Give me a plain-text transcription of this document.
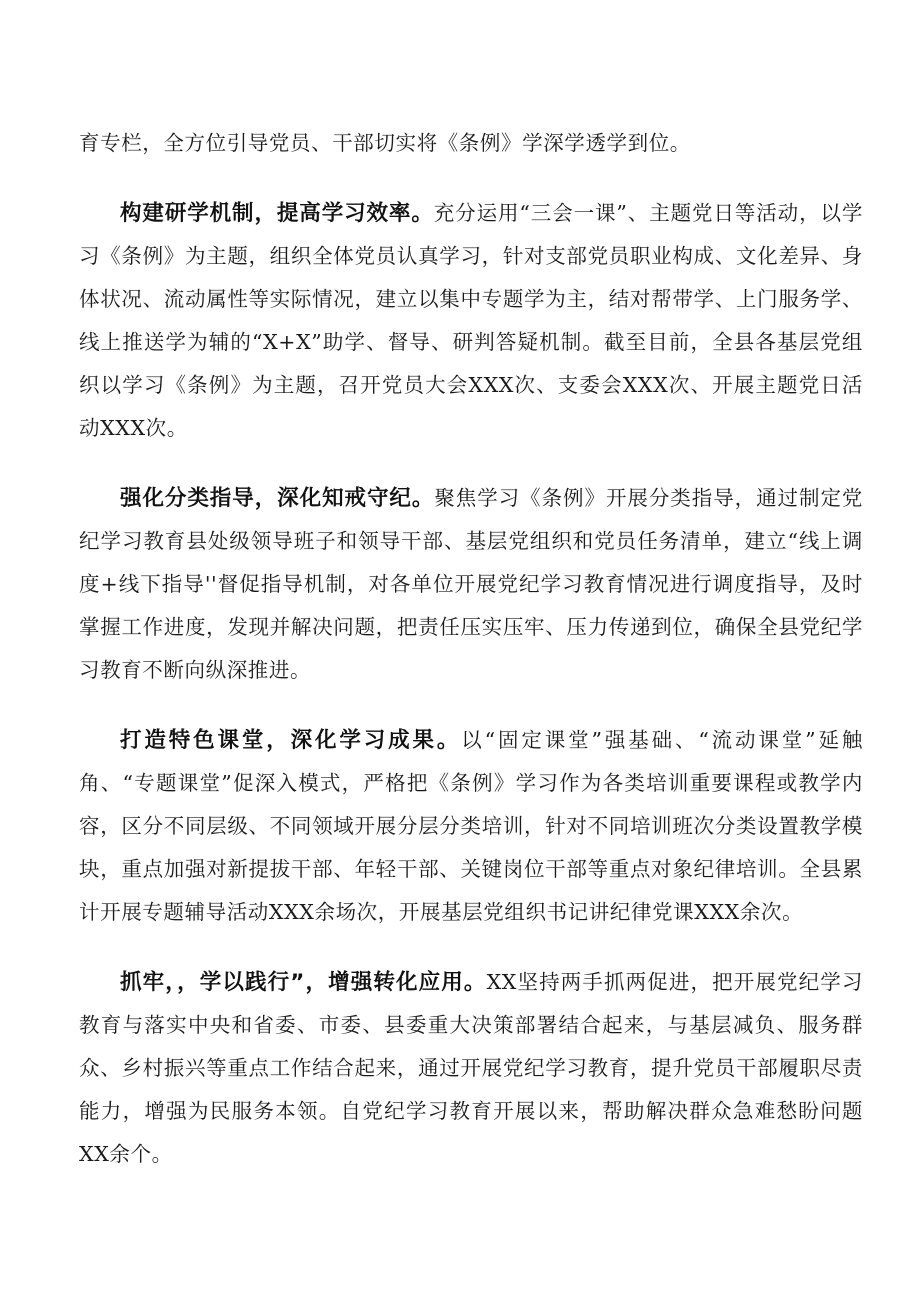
育专栏，全方位引导党员、干部切实将《条例》学深学透学到位。

构建研学机制，提高学习效率。充分运用“三会一课”、主题党日等活动，以学习《条例》为主题，组织全体党员认真学习，针对支部党员职业构成、文化差异、身体状况、流动属性等实际情况，建立以集中专题学为主，结对帮带学、上门服务学、线上推送学为辅的“X+X”助学、督导、研判答疑机制。截至目前，全县各基层党组织以学习《条例》为主题，召开党员大会XXX次、支委会XXX次、开展主题党日活动XXX次。

强化分类指导，深化知戒守纪。聚焦学习《条例》开展分类指导，通过制定党纪学习教育县处级领导班子和领导干部、基层党组织和党员任务清单，建立“线上调度+线下指导''督促指导机制，对各单位开展党纪学习教育情况进行调度指导，及时掌握工作进度，发现并解决问题，把责任压实压牢、压力传递到位，确保全县党纪学习教育不断向纵深推进。

打造特色课堂，深化学习成果。以“固定课堂”强基础、“流动课堂”延触角、“专题课堂”促深入模式，严格把《条例》学习作为各类培训重要课程或教学内容，区分不同层级、不同领域开展分层分类培训，针对不同培训班次分类设置教学模块，重点加强对新提拔干部、年轻干部、关键岗位干部等重点对象纪律培训。全县累计开展专题辅导活动XXX余场次，开展基层党组织书记讲纪律党课XXX余次。

抓牢，，学以践行”，增强转化应用。XX坚持两手抓两促进，把开展党纪学习教育与落实中央和省委、市委、县委重大决策部署结合起来，与基层减负、服务群众、乡村振兴等重点工作结合起来，通过开展党纪学习教育，提升党员干部履职尽责能力，增强为民服务本领。自党纪学习教育开展以来，帮助解决群众急难愁盼问题XX余个。
